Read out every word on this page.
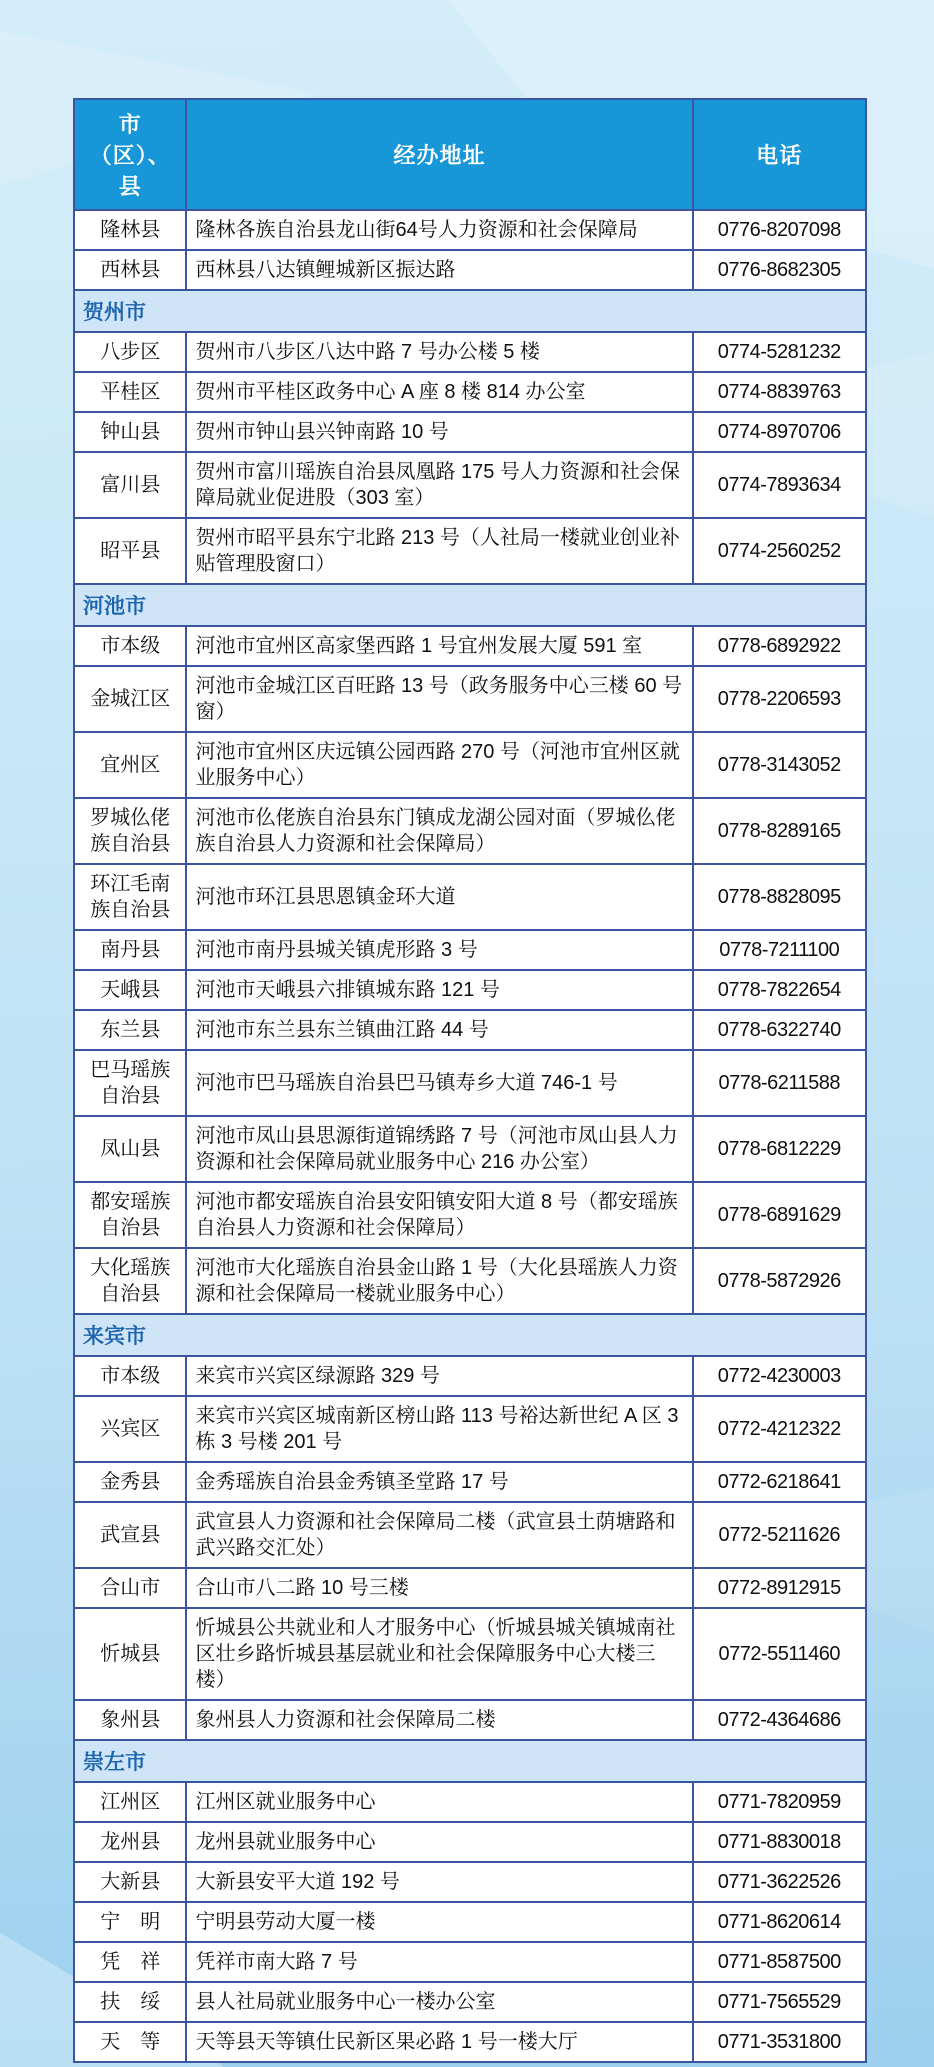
市（区）、县	经办地址	电话
隆林县	隆林各族自治县龙山街64号人力资源和社会保障局	0776-8207098
西林县	西林县八达镇鲤城新区振达路	0776-8682305
贺州市		
八步区	贺州市八步区八达中路 7 号办公楼 5 楼	0774-5281232
平桂区	贺州市平桂区政务中心 A 座 8 楼 814 办公室	0774-8839763
钟山县	贺州市钟山县兴钟南路 10 号	0774-8970706
富川县	贺州市富川瑶族自治县凤凰路 175 号人力资源和社会保障局就业促进股（303 室）	0774-7893634
昭平县	贺州市昭平县东宁北路 213 号（人社局一楼就业创业补贴管理股窗口）	0774-2560252
河池市		
市本级	河池市宜州区高家堡西路 1 号宜州发展大厦 591 室	0778-6892922
金城江区	河池市金城江区百旺路 13 号（政务服务中心三楼 60 号窗）	0778-2206593
宜州区	河池市宜州区庆远镇公园西路 270 号（河池市宜州区就业服务中心）	0778-3143052
罗城仫佬族自治县	河池市仫佬族自治县东门镇成龙湖公园对面（罗城仫佬族自治县人力资源和社会保障局）	0778-8289165
环江毛南族自治县	河池市环江县思恩镇金环大道	0778-8828095
南丹县	河池市南丹县城关镇虎形路 3 号	0778-7211100
天峨县	河池市天峨县六排镇城东路 121 号	0778-7822654
东兰县	河池市东兰县东兰镇曲江路 44 号	0778-6322740
巴马瑶族自治县	河池市巴马瑶族自治县巴马镇寿乡大道 746-1 号	0778-6211588
凤山县	河池市凤山县思源街道锦绣路 7 号（河池市凤山县人力资源和社会保障局就业服务中心 216 办公室）	0778-6812229
都安瑶族自治县	河池市都安瑶族自治县安阳镇安阳大道 8 号（都安瑶族自治县人力资源和社会保障局）	0778-6891629
大化瑶族自治县	河池市大化瑶族自治县金山路 1 号（大化县瑶族人力资源和社会保障局一楼就业服务中心）	0778-5872926
来宾市		
市本级	来宾市兴宾区绿源路 329 号	0772-4230003
兴宾区	来宾市兴宾区城南新区榜山路 113 号裕达新世纪 A 区 3 栋 3 号楼 201 号	0772-4212322
金秀县	金秀瑶族自治县金秀镇圣堂路 17 号	0772-6218641
武宣县	武宣县人力资源和社会保障局二楼（武宣县土荫塘路和武兴路交汇处）	0772-5211626
合山市	合山市八二路 10 号三楼	0772-8912915
忻城县	忻城县公共就业和人才服务中心（忻城县城关镇城南社区壮乡路忻城县基层就业和社会保障服务中心大楼三楼）	0772-5511460
象州县	象州县人力资源和社会保障局二楼	0772-4364686
崇左市		
江州区	江州区就业服务中心	0771-7820959
龙州县	龙州县就业服务中心	0771-8830018
大新县	大新县安平大道 192 号	0771-3622526
宁　明	宁明县劳动大厦一楼	0771-8620614
凭　祥	凭祥市南大路 7 号	0771-8587500
扶　绥	县人社局就业服务中心一楼办公室	0771-7565529
天　等	天等县天等镇仕民新区果必路 1 号一楼大厅	0771-3531800
